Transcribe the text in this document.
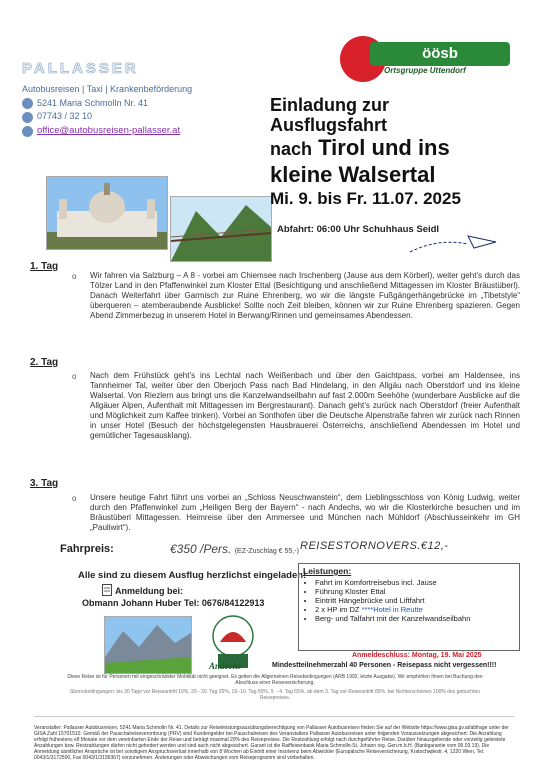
PALLASSER
Autobusreisen | Taxi | Krankenbeförderung
5241 Maria Schmolln Nr. 41
07743 / 32 10
office@autobusreisen-pallasser.at
öösb
Ortsgruppe Uttendorf
Einladung zur
Ausflugsfahrt
nach Tirol und ins
kleine Walsertal
Mi. 9. bis Fr. 11.07. 2025
Abfahrt: 06:00 Uhr Schuhhaus Seidl
1. Tag
o Wir fahren via Salzburg – A 8 - vorbei am Chiemsee nach Irschenberg (Jause aus dem Körberl), weiter geht’s durch das Tölzer Land in den Pfaffenwinkel zum Kloster Ettal (Besichtigung und anschließend Mittagessen im Kloster Bräustüberl). Danach Weiterfahrt über Garmisch zur Ruine Ehrenberg, wo wir die längste Fußgängerhängebrücke im „Tibetstyle“ überqueren – atemberaubende Ausblicke! Sollte noch Zeit bleiben, können wir zur Ruine Ehrenberg spazieren. Gegen Abend Zimmerbezug in unserem Hotel in Berwang/Rinnen und gemeinsames Abendessen.
2. Tag
o Nach dem Frühstück geht’s ins Lechtal nach Weißenbach und über den Gaichtpass, vorbei am Haldensee, ins Tannheimer Tal, weiter über den Oberjoch Pass nach Bad Hindelang, in den Allgäu nach Oberstdorf und ins kleine Walsertal. Von Riezlern aus bringt uns die Kanzelwandseilbahn auf fast 2.000m Seehöhe (wunderbare Ausblicke auf die Allgäuer Alpen, Aufenthalt mit Mittagessen im Bergrestaurant). Danach geht’s zurück nach Oberstdorf (freier Aufenthalt und Möglichkeit zum Kaffee trinken). Vorbei an Sonthofen über die Deutsche Alpenstraße fahren wir zurück nach Rinnen in unser Hotel (Besuch der höchstgelegensten Hausbrauerei Österreichs, anschließend Abendessen im Hotel und gemütlicher Tagesausklang).
3. Tag
o Unsere heutige Fahrt führt uns vorbei an „Schloss Neuschwanstein“, dem Lieblingsschloss von König Ludwig, weiter durch den Pfaffenwinkel zum „Heiligen Berg der Bayern“ - nach Andechs, wo wir die Klosterkirche besuchen und im Bräustüberl Mittagessen. Heimreise über den Ammersee und München nach Mühldorf (Abschlusseinkehr im GH „Pauliwirt“).
Fahrpreis:	€350 /Pers. (EZ-Zuschlag € 55,-) REISESTORNOVERS.€12,-
Alle sind zu diesem Ausflug herzlichst eingeladen!
Anmeldung bei:
Obmann Johann Huber Tel: 0676/84122913
Andechs
Leistungen:
• Fahrt im Komfortreisebus incl. Jause
• Führung Kloster Ettal
• Eintritt Hängebrücke und Liftfahrt
• 2 x HP im DZ ****Hotel in Reutte
• Berg- und Talfahrt mit der Kanzelwandseilbahn
Anmeldeschluss: Montag, 19. Mai 2025
Mindestteilnehmerzahl 40 Personen - Reisepass nicht vergessen!!!!
Diese Reise ist für Personen mit eingeschränkter Mobilität nicht geeignet. Es gelten die Allgemeinen Reisebedingungen (ARB 1992, letzte Ausgabe). Wir empfehlen Ihnen bei Buchung den Abschluss einer Reiseversicherung.
Stornobedingungen: bis 30 Tage vor Reiseantritt 10%, 29 - 20. Tag 25%, 19.-10. Tag 50%, 9. - 4. Tag 65%, ab dem 3. Tag vor Reiseantritt 85%, bei Nichterscheinen 100% des gebuchten Reisepreises.
Veranstalter: Pallasser Autobusreisen, 5241 Maria Schmolln Nr. 41. Details zur Reiseleistungsausübungsberechtigung von Pallasser Autobusreisen finden Sie auf der Website https://www.gisa.gv.at/abfrage unter der GISA Zahl 15701510. Gemäß der Pauschalreiseverordnung (PRV) sind Kundengelder bei Pauschalreisen des Veranstalters Pallasser Autobusreisen unter folgenden Voraussetzungen abgesichert: Die Anzahlung erfolgt frühestens elf Monate vor dem vereinbarten Ende der Reise und beträgt maximal 20% des Reisepreises. Die Restzahlung erfolgt nach durchgeführter Reise. Darüber hinausgehende oder vorzeitig geleistete Anzahlungen bzw. Restzahlungen dürfen nicht gefordert werden und sind auch nicht abgesichert. Garant ist die Raiffeisenbank Maria Schmolln-St. Johann reg. Gen.m.b.H. (Bankgarantie vom 06.03.19). Die Anmeldung sämtlicher Ansprüche ist bei sonstigem Anspruchsverlust innerhalb von 8 Wochen ab Eintritt einer Insolvenz beim Abwickler (Europäische Reiseversicherung, Kratochwjlestr. 4, 1220 Wien, Tel. 0043/1/3172500, Fax 0043/1/3199367) vorzunehmen. Änderungen oder Abweichungen vom Reiseprogramm sind vorbehalten.
